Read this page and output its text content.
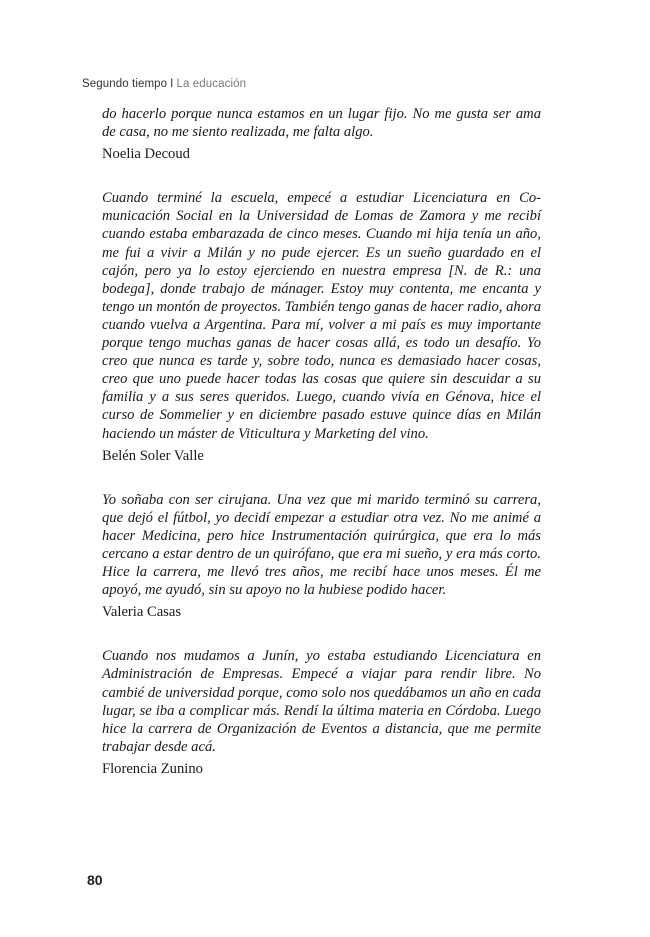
Segundo tiempo I La educación

do hacerlo porque nunca estamos en un lugar fijo. No me gusta ser ama de casa, no me siento realizada, me falta algo.

Noelia Decoud

Cuando terminé la escuela, empecé a estudiar Licenciatura en Comunicación Social en la Universidad de Lomas de Zamora y me recibí cuando estaba embarazada de cinco meses. Cuando mi hija tenía un año, me fui a vivir a Milán y no pude ejercer. Es un sueño guardado en el cajón, pero ya lo estoy ejerciendo en nuestra empresa [N. de R.: una bodega], donde trabajo de mánager. Estoy muy contenta, me encanta y tengo un montón de proyectos. También tengo ganas de hacer radio, ahora cuando vuelva a Argentina. Para mí, volver a mi país es muy importante porque tengo muchas ganas de hacer cosas allá, es todo un desafío. Yo creo que nunca es tarde y, sobre todo, nunca es demasiado hacer cosas, creo que uno puede hacer todas las cosas que quiere sin descuidar a su familia y a sus seres queridos. Luego, cuando vivía en Génova, hice el curso de Sommelier y en diciembre pasado estuve quince días en Milán haciendo un máster de Viticultura y Marketing del vino.

Belén Soler Valle

Yo soñaba con ser cirujana. Una vez que mi marido terminó su carrera, que dejó el fútbol, yo decidí empezar a estudiar otra vez. No me animé a hacer Medicina, pero hice Instrumentación quirúrgica, que era lo más cercano a estar dentro de un quirófano, que era mi sueño, y era más corto. Hice la carrera, me llevó tres años, me recibí hace unos meses. Él me apoyó, me ayudó, sin su apoyo no la hubiese podido hacer.

Valeria Casas

Cuando nos mudamos a Junín, yo estaba estudiando Licenciatura en Administración de Empresas. Empecé a viajar para rendir libre. No cambié de universidad porque, como solo nos quedábamos un año en cada lugar, se iba a complicar más. Rendí la última materia en Córdoba. Luego hice la carrera de Organización de Eventos a distancia, que me permite trabajar desde acá.

Florencia Zunino

80
